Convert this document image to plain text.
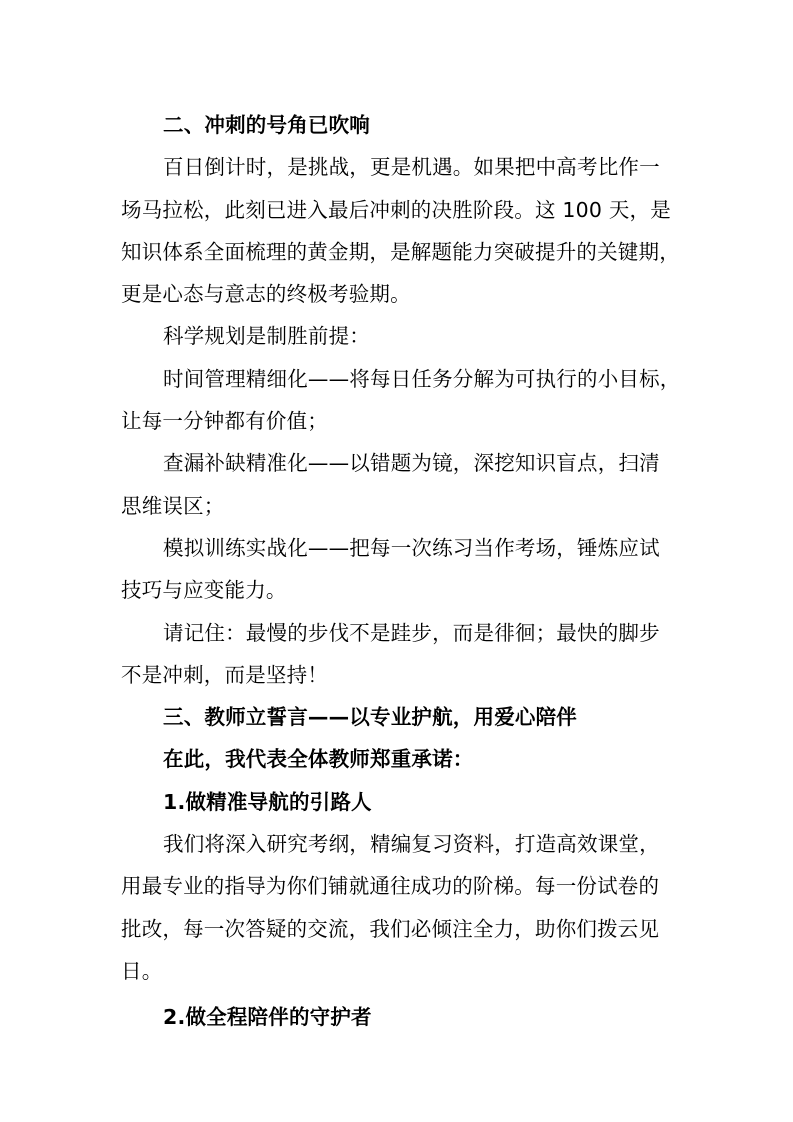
二、冲刺的号角已吹响
百日倒计时，是挑战，更是机遇。如果把中高考比作一
场马拉松，此刻已进入最后冲刺的决胜阶段。这 100 天，是
知识体系全面梳理的黄金期，是解题能力突破提升的关键期，
更是心态与意志的终极考验期。
科学规划是制胜前提：
时间管理精细化——将每日任务分解为可执行的小目标，
让每一分钟都有价值；
查漏补缺精准化——以错题为镜，深挖知识盲点，扫清
思维误区；
模拟训练实战化——把每一次练习当作考场，锤炼应试
技巧与应变能力。
请记住：最慢的步伐不是跬步，而是徘徊；最快的脚步
不是冲刺，而是坚持！
三、教师立誓言——以专业护航，用爱心陪伴
在此，我代表全体教师郑重承诺：
1.做精准导航的引路人
我们将深入研究考纲，精编复习资料，打造高效课堂，
用最专业的指导为你们铺就通往成功的阶梯。每一份试卷的
批改，每一次答疑的交流，我们必倾注全力，助你们拨云见
日。
2.做全程陪伴的守护者
